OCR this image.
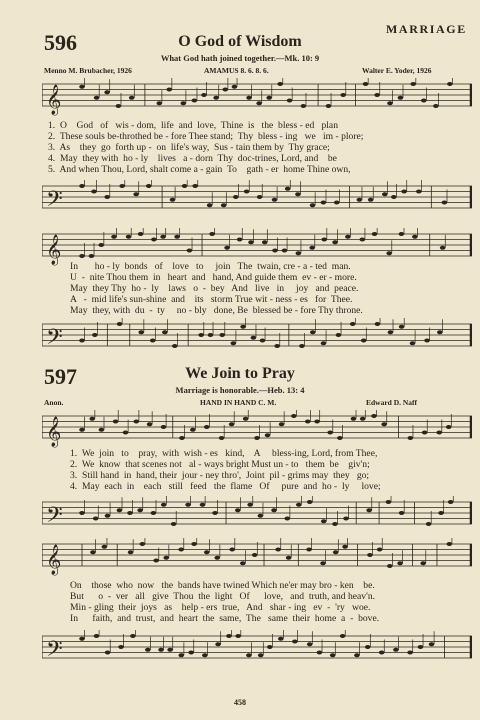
596
MARRIAGE
O God of Wisdom
What God hath joined together.—Mk. 10: 9
Menno M. Brubacher, 1926	AMAMUS 8. 6. 8. 6.	Walter E. Yoder, 1926
𝄞
1.  O    God   of   wis - dom,  life  and  love,  Thine  is   the  bless - ed   plan
2.  These souls be-throthed be - fore Thee stand;  Thy  bless - ing   we   im - plore;
3.  As    they  go  forth up -  on  life's way,  Sus - tain them by  Thy grace;
4.  May  they with  ho - ly    lives   a - dorn  Thy  doc-trines, Lord, and    be
5.  And when Thou, Lord, shalt come a - gain  To    gath - er  home Thine own,
𝄢
𝄞
In       ho - ly  bonds   of    love   to     join   The  twain, cre - a - ted  man.
U  -  nite Thou them  in   heart  and   hand, And guide them  ev - er - more.
May  they Thy  ho -  ly    laws   o  -  bey   And   live   in     joy   and  peace.
A   -  mid life's sun-shine  and    its   storm True wit - ness - es   for  Thee.
May  they, with  du  -  ty     no - bly   done, Be  blessed be - fore Thy throne.
𝄢
597	We Join to Pray
Marriage is honorable.—Heb. 13: 4
Anon.	HAND IN HAND C. M.	Edward D. Naff
𝄞
1.  We  join   to    pray,  with  wish - es   kind,    A     bless-ing, Lord, from Thee,
2.  We  know  that scenes not   al - ways bright Must un - to   them  be    giv'n;
3.  Still hand  in  hand, their  jour - ney thro',  Joint  pil - grims may  they   go;
4.  May  each  in    each   still   feed   the  flame   Of     pure  and  ho -  ly     love;
𝄢
𝄞
On    those  who  now   the  bands have twined Which ne'er may bro - ken    be.
But      o  -  ver   all   give  Thou  the  light   Of      love,   and  truth, and heav'n.
Min - gling  their  joys   as    help - ers  true,   And   shar - ing   ev  -  'ry   woe.
In      faith,  and  trust,  and  heart  the  same,  The   same  their  home  a  -  bove.
𝄢
458
